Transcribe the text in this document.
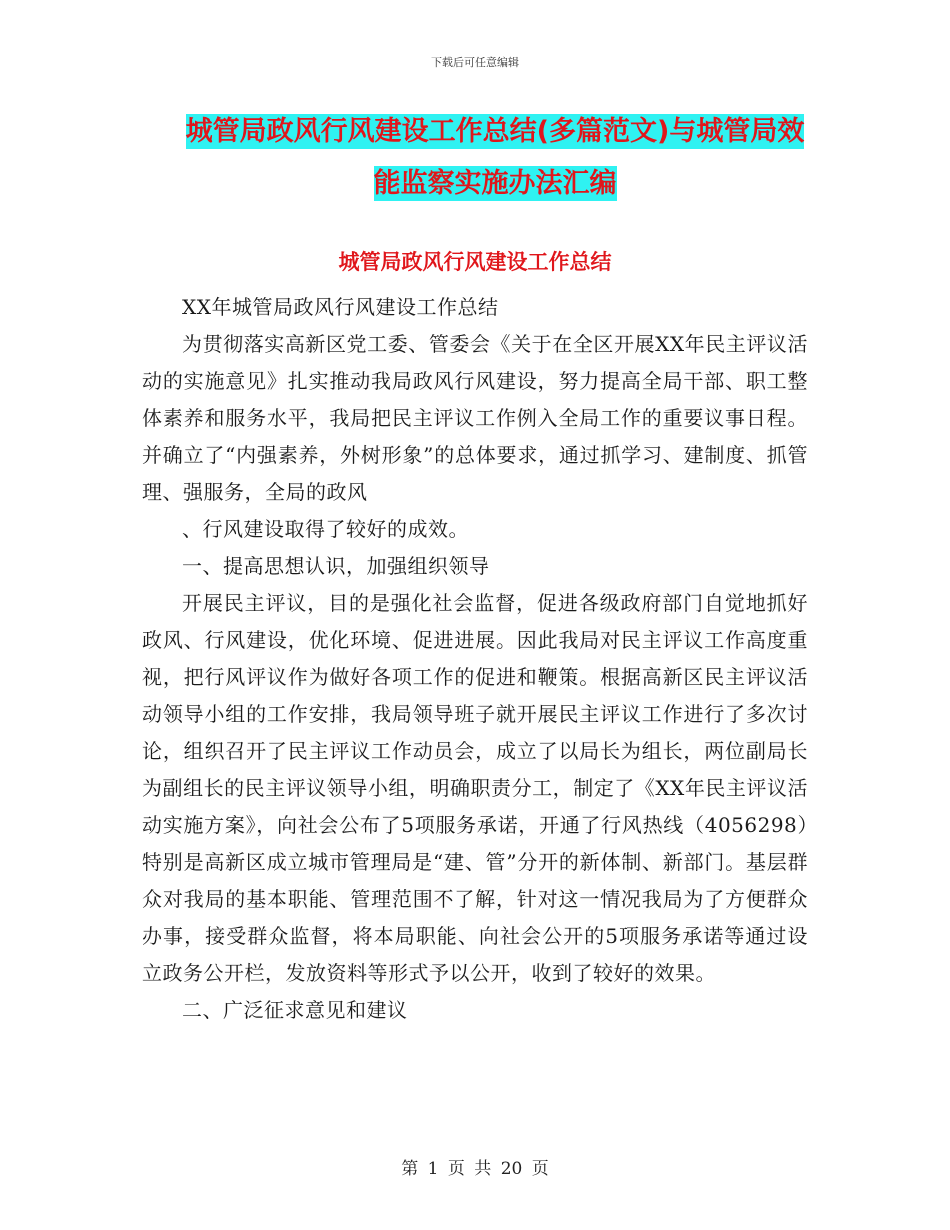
下载后可任意编辑
城管局政风行风建设工作总结(多篇范文)与城管局效
能监察实施办法汇编
城管局政风行风建设工作总结

XX年城管局政风行风建设工作总结

为贯彻落实高新区党工委、管委会《关于在全区开展XX年民主评议活动的实施意见》扎实推动我局政风行风建设，努力提高全局干部、职工整体素养和服务水平，我局把民主评议工作例入全局工作的重要议事日程。并确立了“内强素养，外树形象”的总体要求，通过抓学习、建制度、抓管理、强服务，全局的政风

、行风建设取得了较好的成效。

一、提高思想认识，加强组织领导

开展民主评议，目的是强化社会监督，促进各级政府部门自觉地抓好政风、行风建设，优化环境、促进进展。因此我局对民主评议工作高度重视，把行风评议作为做好各项工作的促进和鞭策。根据高新区民主评议活动领导小组的工作安排，我局领导班子就开展民主评议工作进行了多次讨论，组织召开了民主评议工作动员会，成立了以局长为组长，两位副局长为副组长的民主评议领导小组，明确职责分工，制定了《XX年民主评议活动实施方案》，向社会公布了5项服务承诺，开通了行风热线（4056298）特别是高新区成立城市管理局是“建、管”分开的新体制、新部门。基层群众对我局的基本职能、管理范围不了解，针对这一情况我局为了方便群众办事，接受群众监督，将本局职能、向社会公开的5项服务承诺等通过设立政务公开栏，发放资料等形式予以公开，收到了较好的效果。

二、广泛征求意见和建议

第 1 页 共 20 页
